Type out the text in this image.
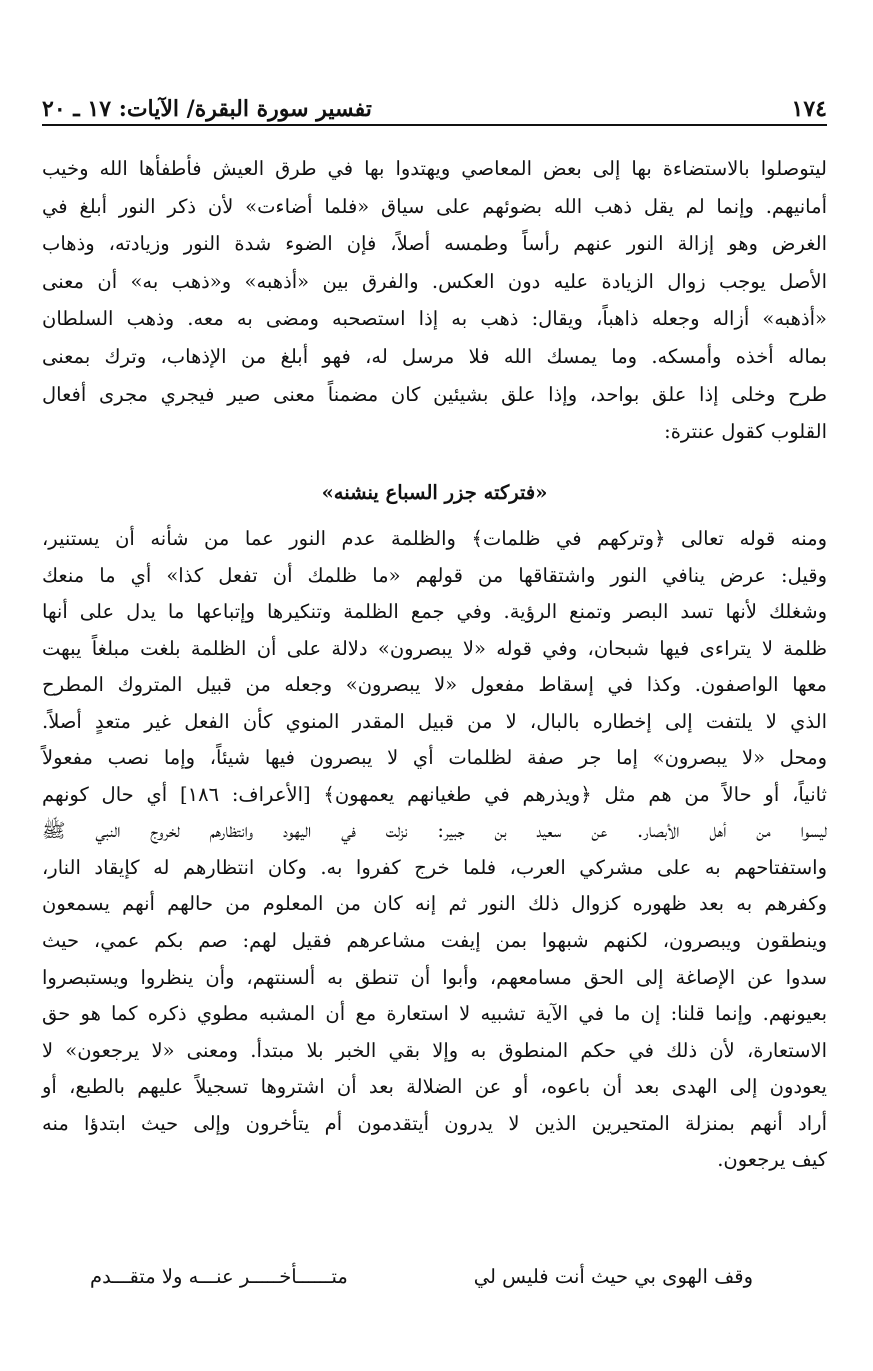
١٧٤
تفسير سورة البقرة/ الآيات: ١٧ ـ ٢٠

ليتوصلوا بالاستضاءة بها إلى بعض المعاصي ويهتدوا بها في طرق العيش فأطفأها الله وخيب

أمانيهم. وإنما لم يقل ذهب الله بضوئهم على سياق «فلما أضاءت» لأن ذكر النور أبلغ في

الغرض وهو إزالة النور عنهم رأساً وطمسه أصلاً، فإن الضوء شدة النور وزيادته، وذهاب

الأصل يوجب زوال الزيادة عليه دون العكس. والفرق بين «أذهبه» و«ذهب به» أن معنى

«أذهبه» أزاله وجعله ذاهباً، ويقال: ذهب به إذا استصحبه ومضى به معه. وذهب السلطان

بماله أخذه وأمسكه. وما يمسك الله فلا مرسل له، فهو أبلغ من الإذهاب، وترك بمعنى

طرح وخلى إذا علق بواحد، وإذا علق بشيئين كان مضمناً معنى صير فيجري مجرى أفعال

القلوب كقول عنترة:

«فتركته جزر السباع ينشنه»

ومنه قوله تعالى ﴿وتركهم في ظلمات﴾ والظلمة عدم النور عما من شأنه أن يستنير،

وقيل: عرض ينافي النور واشتقاقها من قولهم «ما ظلمك أن تفعل كذا» أي ما منعك

وشغلك لأنها تسد البصر وتمنع الرؤية. وفي جمع الظلمة وتنكيرها وإتباعها ما يدل على أنها

ظلمة لا يتراءى فيها شبحان، وفي قوله «لا يبصرون» دلالة على أن الظلمة بلغت مبلغاً يبهت

معها الواصفون. وكذا في إسقاط مفعول «لا يبصرون» وجعله من قبيل المتروك المطرح

الذي لا يلتفت إلى إخطاره بالبال، لا من قبيل المقدر المنوي كأن الفعل غير متعدٍ أصلاً.

ومحل «لا يبصرون» إما جر صفة لظلمات أي لا يبصرون فيها شيئاً، وإما نصب مفعولاً

ثانياً، أو حالاً من هم مثل ﴿ويذرهم في طغيانهم يعمهون﴾ [الأعراف: ١٨٦] أي حال كونهم

ليسوا من أهل الأبصار. عن سعيد بن جبير: نزلت في اليهود وانتظارهم لخروج النبي ﷺ

واستفتاحهم به على مشركي العرب، فلما خرج كفروا به. وكان انتظارهم له كإيقاد النار،

وكفرهم به بعد ظهوره كزوال ذلك النور ثم إنه كان من المعلوم من حالهم أنهم يسمعون

وينطقون ويبصرون، لكنهم شبهوا بمن إيفت مشاعرهم فقيل لهم: صم بكم عمي، حيث

سدوا عن الإصاغة إلى الحق مسامعهم، وأبوا أن تنطق به ألسنتهم، وأن ينظروا ويستبصروا

بعيونهم. وإنما قلنا: إن ما في الآية تشبيه لا استعارة مع أن المشبه مطوي ذكره كما هو حق

الاستعارة، لأن ذلك في حكم المنطوق به وإلا بقي الخبر بلا مبتدأ. ومعنى «لا يرجعون» لا

يعودون إلى الهدى بعد أن باعوه، أو عن الضلالة بعد أن اشتروها تسجيلاً عليهم بالطبع، أو

أراد أنهم بمنزلة المتحيرين الذين لا يدرون أيتقدمون أم يتأخرون وإلى حيث ابتدؤا منه

كيف يرجعون.

وقف الهوى بي حيث أنت فليس لي
متــــــأخـــــر عنـــه ولا متقـــدم
